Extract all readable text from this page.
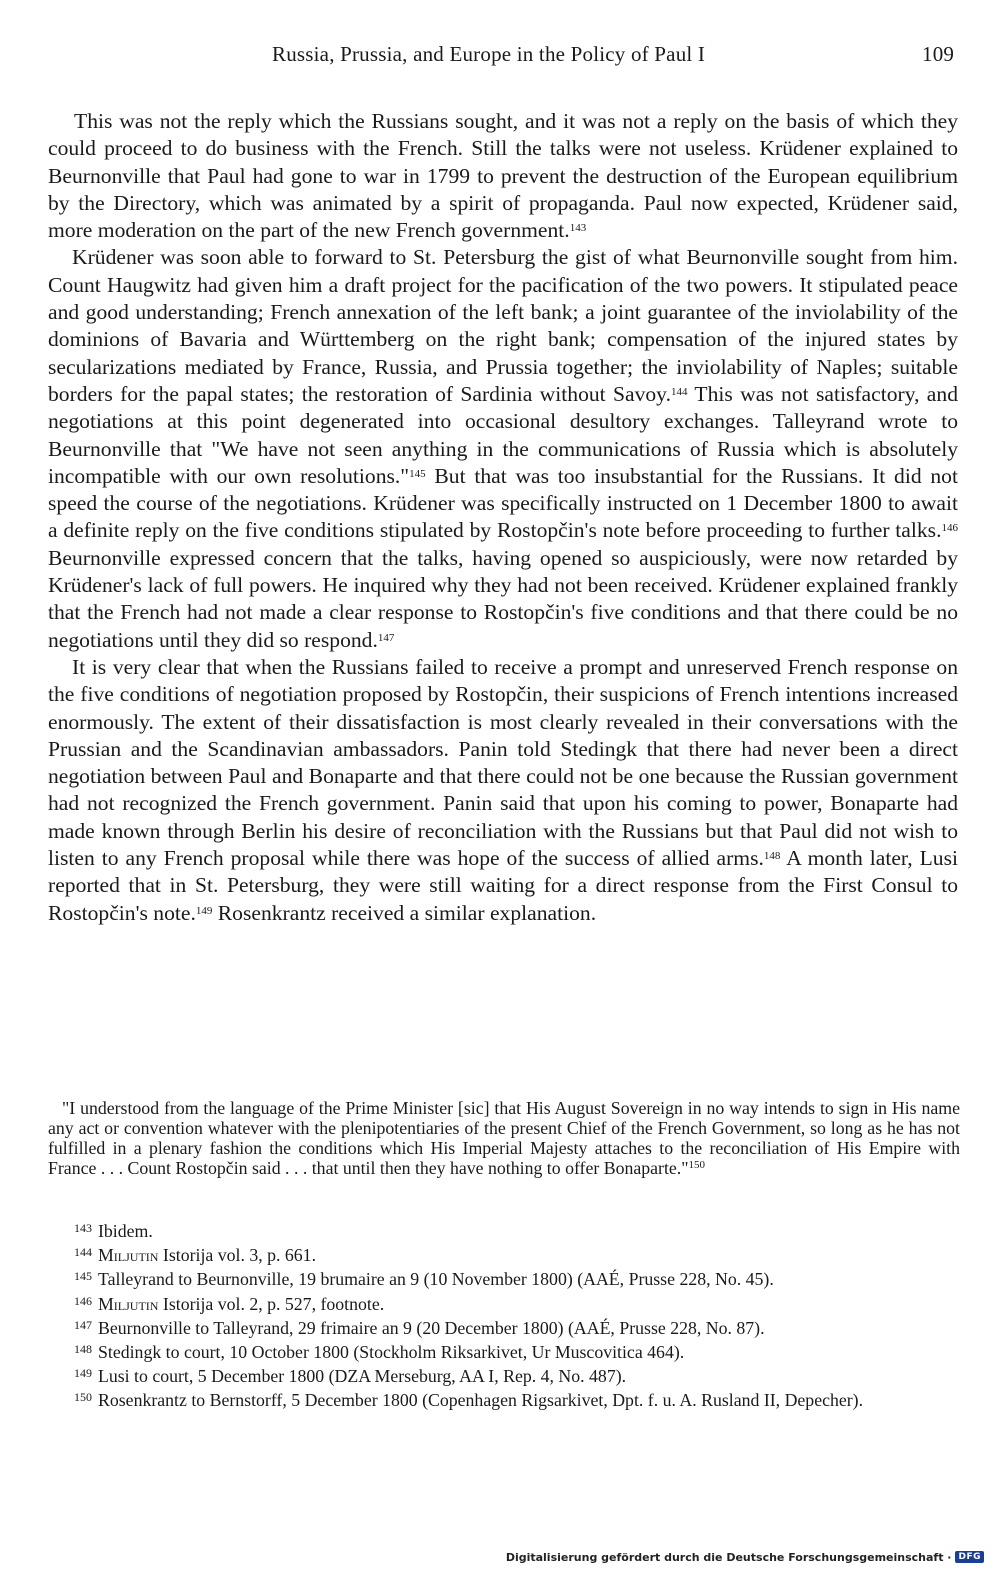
Russia, Prussia, and Europe in the Policy of Paul I	109

This was not the reply which the Russians sought, and it was not a reply on the basis of which they could proceed to do business with the French. Still the talks were not useless. Krüdener explained to Beurnonville that Paul had gone to war in 1799 to prevent the destruction of the European equilibrium by the Directory, which was animated by a spirit of propaganda. Paul now expected, Krüdener said, more moderation on the part of the new French government.$^{143}$

Krüdener was soon able to forward to St. Petersburg the gist of what Beurnonville sought from him. Count Haugwitz had given him a draft project for the pacification of the two powers. It stipulated peace and good understanding; French annexation of the left bank; a joint guarantee of the inviolability of the dominions of Bavaria and Württemberg on the right bank; compensation of the injured states by secularizations mediated by France, Russia, and Prussia together; the inviolability of Naples; suitable borders for the papal states; the restoration of Sardinia without Savoy.$^{144}$ This was not satisfactory, and negotiations at this point degenerated into occasional desultory exchanges. Talleyrand wrote to Beurnonville that "We have not seen anything in the communications of Russia which is absolutely incompatible with our own resolutions."$^{145}$ But that was too insubstantial for the Russians. It did not speed the course of the negotiations. Krüdener was specifically instructed on 1 December 1800 to await a definite reply on the five conditions stipulated by Rostopčin's note before proceeding to further talks.$^{146}$ Beurnonville expressed concern that the talks, having opened so auspiciously, were now retarded by Krüdener's lack of full powers. He inquired why they had not been received. Krüdener explained frankly that the French had not made a clear response to Rostopčin's five conditions and that there could be no negotiations until they did so respond.$^{147}$

It is very clear that when the Russians failed to receive a prompt and unreserved French response on the five conditions of negotiation proposed by Rostopčin, their suspicions of French intentions increased enormously. The extent of their dissatisfaction is most clearly revealed in their conversations with the Prussian and the Scandinavian ambassadors. Panin told Stedingk that there had never been a direct negotiation between Paul and Bonaparte and that there could not be one because the Russian government had not recognized the French government. Panin said that upon his coming to power, Bonaparte had made known through Berlin his desire of reconciliation with the Russians but that Paul did not wish to listen to any French proposal while there was hope of the success of allied arms.$^{148}$ A month later, Lusi reported that in St. Petersburg, they were still waiting for a direct response from the First Consul to Rostopčin's note.$^{149}$ Rosenkrantz received a similar explanation.

"I understood from the language of the Prime Minister [sic] that His August Sovereign in no way intends to sign in His name any act or convention whatever with the plenipotentiaries of the present Chief of the French Government, so long as he has not fulfilled in a plenary fashion the conditions which His Imperial Majesty attaches to the reconciliation of His Empire with France . . . Count Rostopčin said . . . that until then they have nothing to offer Bonaparte."$^{150}$

$^{143}$ Ibidem.
$^{144}$ Miljutin Istorija vol. 3, p. 661.
$^{145}$ Talleyrand to Beurnonville, 19 brumaire an 9 (10 November 1800) (AAÉ, Prusse 228, No. 45).
$^{146}$ Miljutin Istorija vol. 2, p. 527, footnote.
$^{147}$ Beurnonville to Talleyrand, 29 frimaire an 9 (20 December 1800) (AAÉ, Prusse 228, No. 87).
$^{148}$ Stedingk to court, 10 October 1800 (Stockholm Riksarkivet, Ur Muscovitica 464).
$^{149}$ Lusi to court, 5 December 1800 (DZA Merseburg, AA I, Rep. 4, No. 487).
$^{150}$ Rosenkrantz to Bernstorff, 5 December 1800 (Copenhagen Rigsarkivet, Dpt. f. u. A. Rusland II, Depecher).
Digitalisierung gefördert durch die Deutsche Forschungsgemeinschaft · DFG
